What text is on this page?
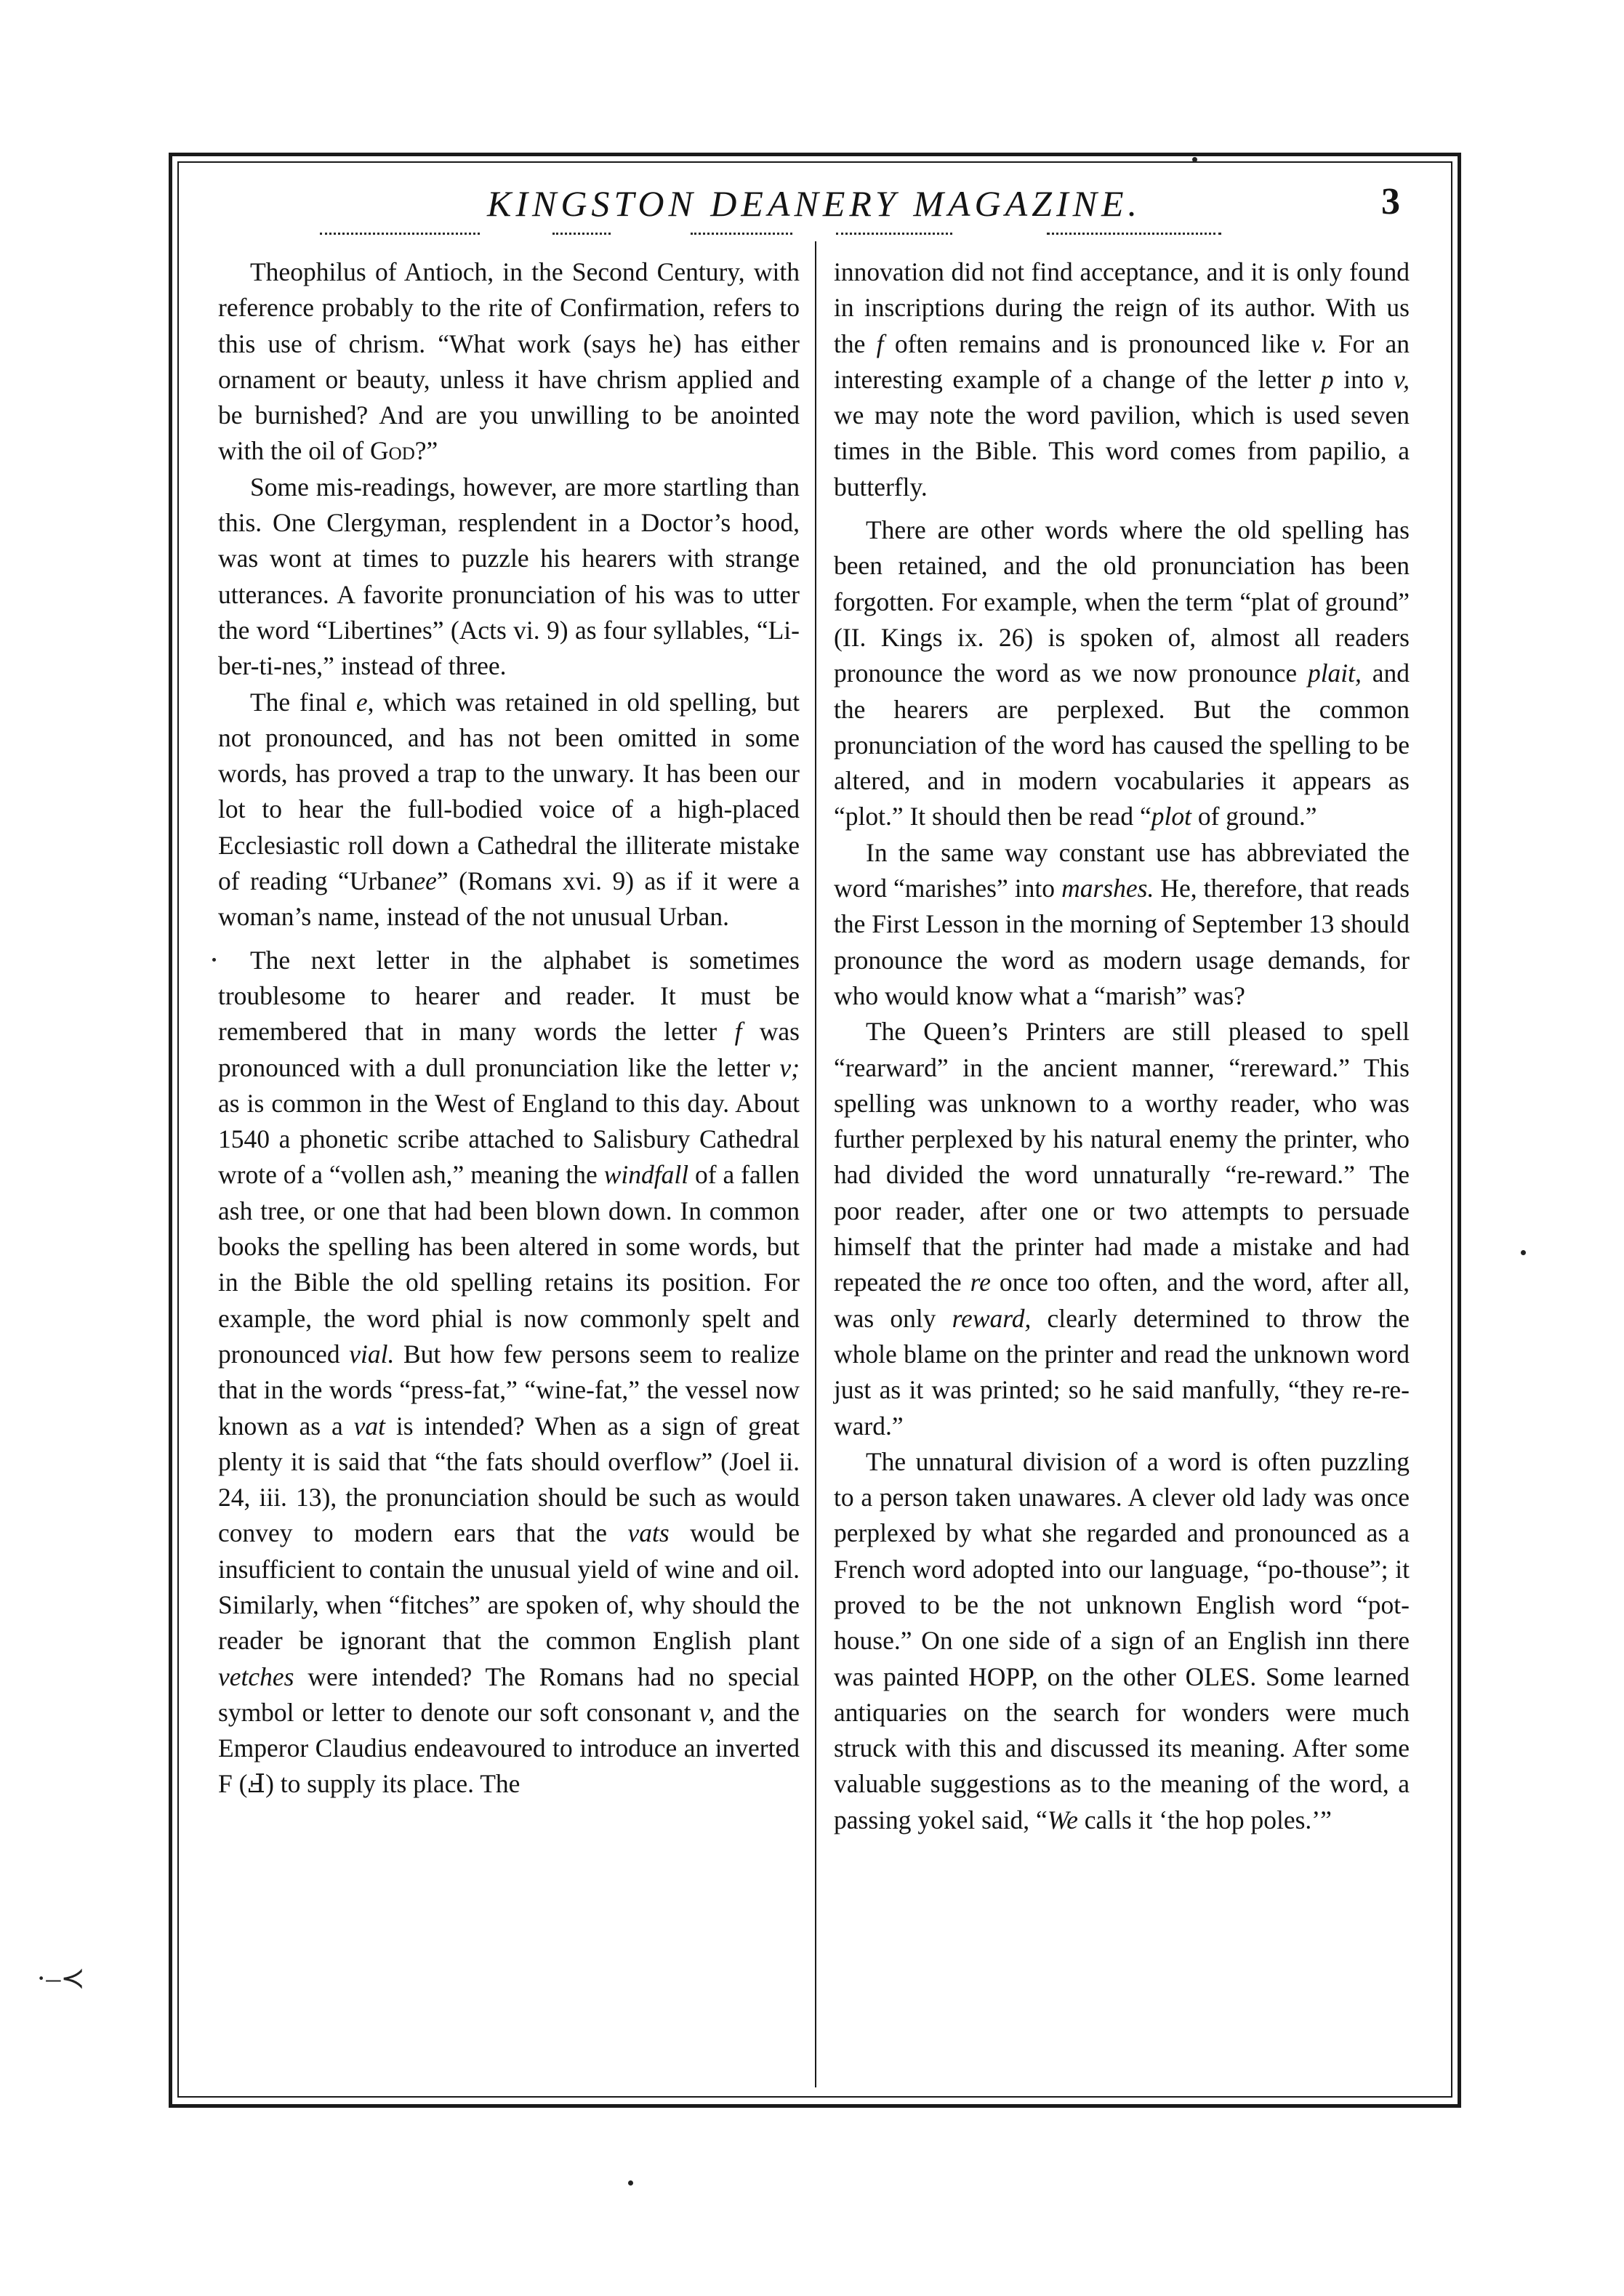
KINGSTON DEANERY MAGAZINE.	3

Theophilus of Antioch, in the Second Century, with reference probably to the rite of Confirmation, refers to this use of chrism. “What work (says he) has either ornament or beauty, unless it have chrism applied and be burnished? And are you unwilling to be anointed with the oil of God?”

Some mis-readings, however, are more startling than this. One Clergyman, resplendent in a Doctor’s hood, was wont at times to puzzle his hearers with strange utterances. A favorite pronunciation of his was to utter the word “Libertines” (Acts vi. 9) as four syllables, “Li-ber-ti-nes,” instead of three.

The final e, which was retained in old spelling, but not pronounced, and has not been omitted in some words, has proved a trap to the unwary. It has been our lot to hear the full-bodied voice of a high-placed Ecclesiastic roll down a Cathedral the illiterate mistake of reading “Urbanee” (Romans xvi. 9) as if it were a woman’s name, instead of the not unusual Urban.

The next letter in the alphabet is sometimes troublesome to hearer and reader. It must be remembered that in many words the letter f was pronounced with a dull pronunciation like the letter v; as is common in the West of England to this day. About 1540 a phonetic scribe attached to Salisbury Cathedral wrote of a “vollen ash,” meaning the windfall of a fallen ash tree, or one that had been blown down. In common books the spelling has been altered in some words, but in the Bible the old spelling retains its position. For example, the word phial is now commonly spelt and pronounced vial. But how few persons seem to realize that in the words “press-fat,” “wine-fat,” the vessel now known as a vat is intended? When as a sign of great plenty it is said that “the fats should overflow” (Joel ii. 24, iii. 13), the pronunciation should be such as would convey to modern ears that the vats would be insufficient to contain the unusual yield of wine and oil. Similarly, when “fitches” are spoken of, why should the reader be ignorant that the common English plant vetches were intended? The Romans had no special symbol or letter to denote our soft consonant v, and the Emperor Claudius endeavoured to introduce an inverted F (Ⅎ) to supply its place. The

innovation did not find acceptance, and it is only found in inscriptions during the reign of its author. With us the f often remains and is pronounced like v. For an interesting example of a change of the letter p into v, we may note the word pavilion, which is used seven times in the Bible. This word comes from papilio, a butterfly.

There are other words where the old spelling has been retained, and the old pronunciation has been forgotten. For example, when the term “plat of ground” (II. Kings ix. 26) is spoken of, almost all readers pronounce the word as we now pronounce plait, and the hearers are perplexed. But the common pronunciation of the word has caused the spelling to be altered, and in modern vocabularies it appears as “plot.” It should then be read “plot of ground.”

In the same way constant use has abbreviated the word “marishes” into marshes. He, therefore, that reads the First Lesson in the morning of September 13 should pronounce the word as modern usage demands, for who would know what a “marish” was?

The Queen’s Printers are still pleased to spell “rearward” in the ancient manner, “rereward.” This spelling was unknown to a worthy reader, who was further perplexed by his natural enemy the printer, who had divided the word unnaturally “re-reward.” The poor reader, after one or two attempts to persuade himself that the printer had made a mistake and had repeated the re once too often, and the word, after all, was only reward, clearly determined to throw the whole blame on the printer and read the unknown word just as it was printed; so he said manfully, “they re-re-ward.”

The unnatural division of a word is often puzzling to a person taken unawares. A clever old lady was once perplexed by what she regarded and pronounced as a French word adopted into our language, “po-thouse”; it proved to be the not unknown English word “pot-house.” On one side of a sign of an English inn there was painted HOPP, on the other OLES. Some learned antiquaries on the search for wonders were much struck with this and discussed its meaning. After some valuable suggestions as to the meaning of the word, a passing yokel said, “We calls it ‘the hop poles.’”

·–≺
